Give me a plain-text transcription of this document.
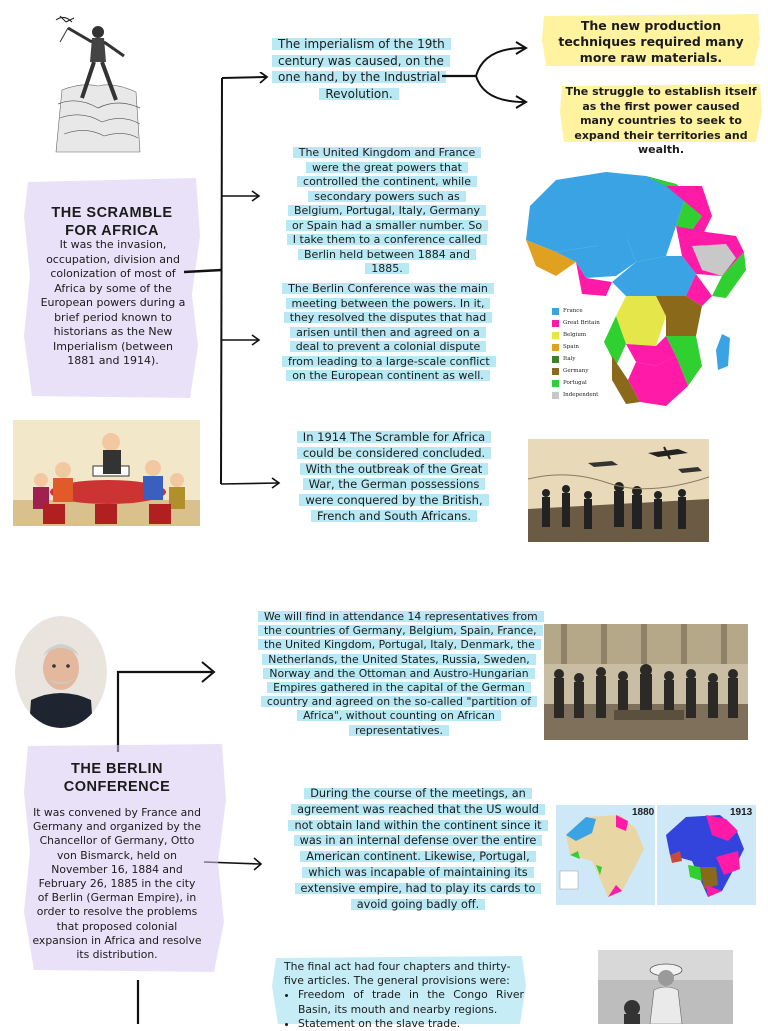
THE SCRAMBLE
FOR AFRICA
It was the invasion, occupation, division and colonization of most of Africa by some of the European powers during a brief period known to historians as the New Imperialism (between 1881 and 1914).
The imperialism of the 19th century was caused, on the one hand, by the Industrial Revolution.
The new production techniques required many more raw materials.
The struggle to establish itself as the first power caused many countries to seek to expand their territories and wealth.
The United Kingdom and France were the great powers that controlled the continent, while secondary powers such as Belgium, Portugal, Italy, Germany or Spain had a smaller number. So I take them to a conference called Berlin held between 1884 and 1885.
The Berlin Conference was the main meeting between the powers. In it, they resolved the disputes that had arisen until then and agreed on a deal to prevent a colonial dispute from leading to a large-scale conflict on the European continent as well.
In 1914 The Scramble for Africa could be considered concluded. With the outbreak of the Great War, the German possessions were conquered by the British, French and South Africans.
France
Great Britain
Belgium
Spain
Italy
Germany
Portugal
Independent
THE BERLIN
CONFERENCE
It was convened by France and Germany and organized by the Chancellor of Germany, Otto von Bismarck, held on November 16, 1884 and February 26, 1885 in the city of Berlin (German Empire), in order to resolve the problems that proposed colonial expansion in Africa and resolve its distribution.
We will find in attendance 14 representatives from the countries of Germany, Belgium, Spain, France, the United Kingdom, Portugal, Italy, Denmark, the Netherlands, the United States, Russia, Sweden, Norway and the Ottoman and Austro-Hungarian Empires gathered in the capital of the German country and agreed on the so-called "partition of Africa", without counting on African representatives.
During the course of the meetings, an agreement was reached that the US would not obtain land within the continent since it was in an internal defense over the entire American continent. Likewise, Portugal, which was incapable of maintaining its extensive empire, had to play its cards to avoid going badly off.
1880	1913
The final act had four chapters and thirty-five articles. The general provisions were:
• Freedom of trade in the Congo River Basin, its mouth and nearby regions.
• Statement on the slave trade.
